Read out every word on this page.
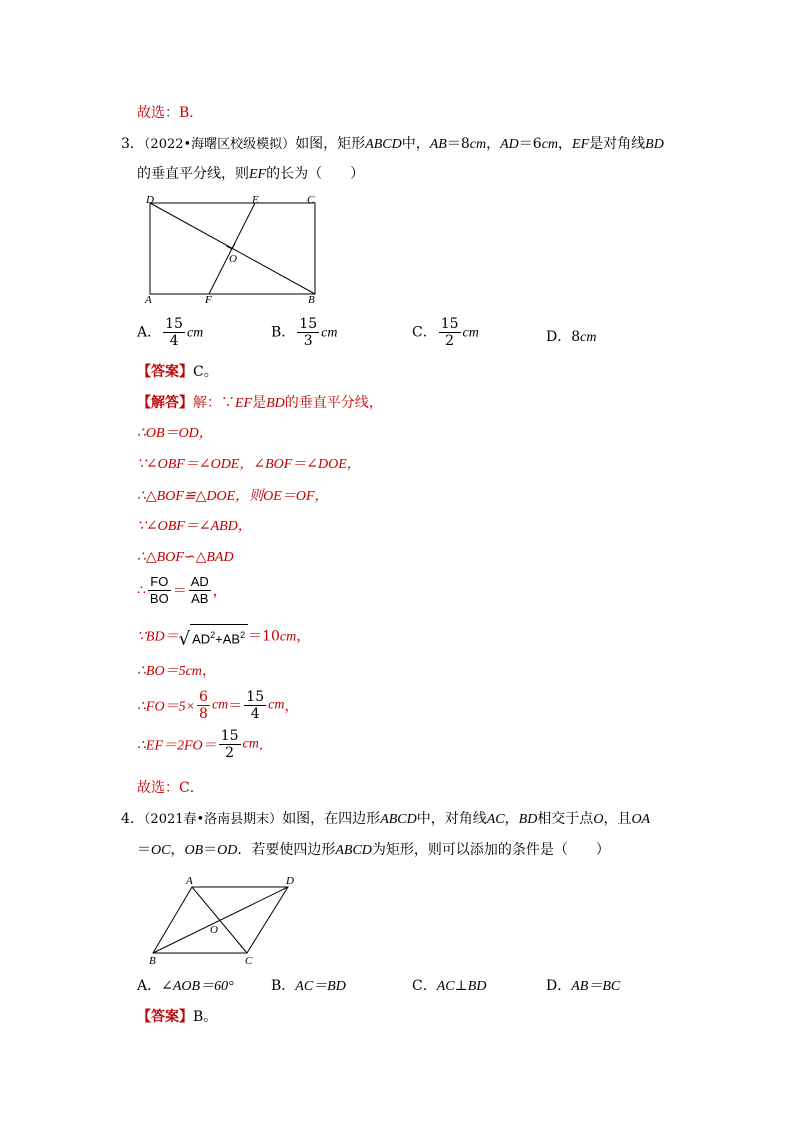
故选：B．
3．（2022•海曙区校级模拟）如图，矩形ABCD中，AB＝8cm，AD＝6cm，EF是对角线BD
的垂直平分线，则EF的长为（　　）
D	E	C
O
A	F	B
A． $\frac{15}{4}$ cm	B． $\frac{15}{3}$ cm	C． $\frac{15}{2}$ cm	D．8cm
【答案】C。
【解答】解：∵EF是BD的垂直平分线，
∴OB＝OD，
∵∠OBF＝∠ODE，∠BOF＝∠DOE，
∴△BOF≌△DOE，则OE＝OF，
∵∠OBF＝∠ABD，
∴△BOF∽△BAD
∴ $\frac{FO}{BO} = \frac{AD}{AB}$ ，
∵BD＝√ $AD^2+AB^2 =10cm$，
∴BO＝5cm，
∴FO＝5× $\frac{6}{8} cm= \frac{15}{4}$ cm，
∴EF＝2FO＝ $\frac{15}{2}$ cm．
故选：C．
4．（2021春•洛南县期末）如图，在四边形ABCD中，对角线AC，BD相交于点O，且OA
＝OC，OB＝OD．若要使四边形ABCD为矩形，则可以添加的条件是（　　）
A	D
O
B	C
A．∠AOB＝60°	B．AC＝BD	C．AC⊥BD	D．AB＝BC
【答案】B。
